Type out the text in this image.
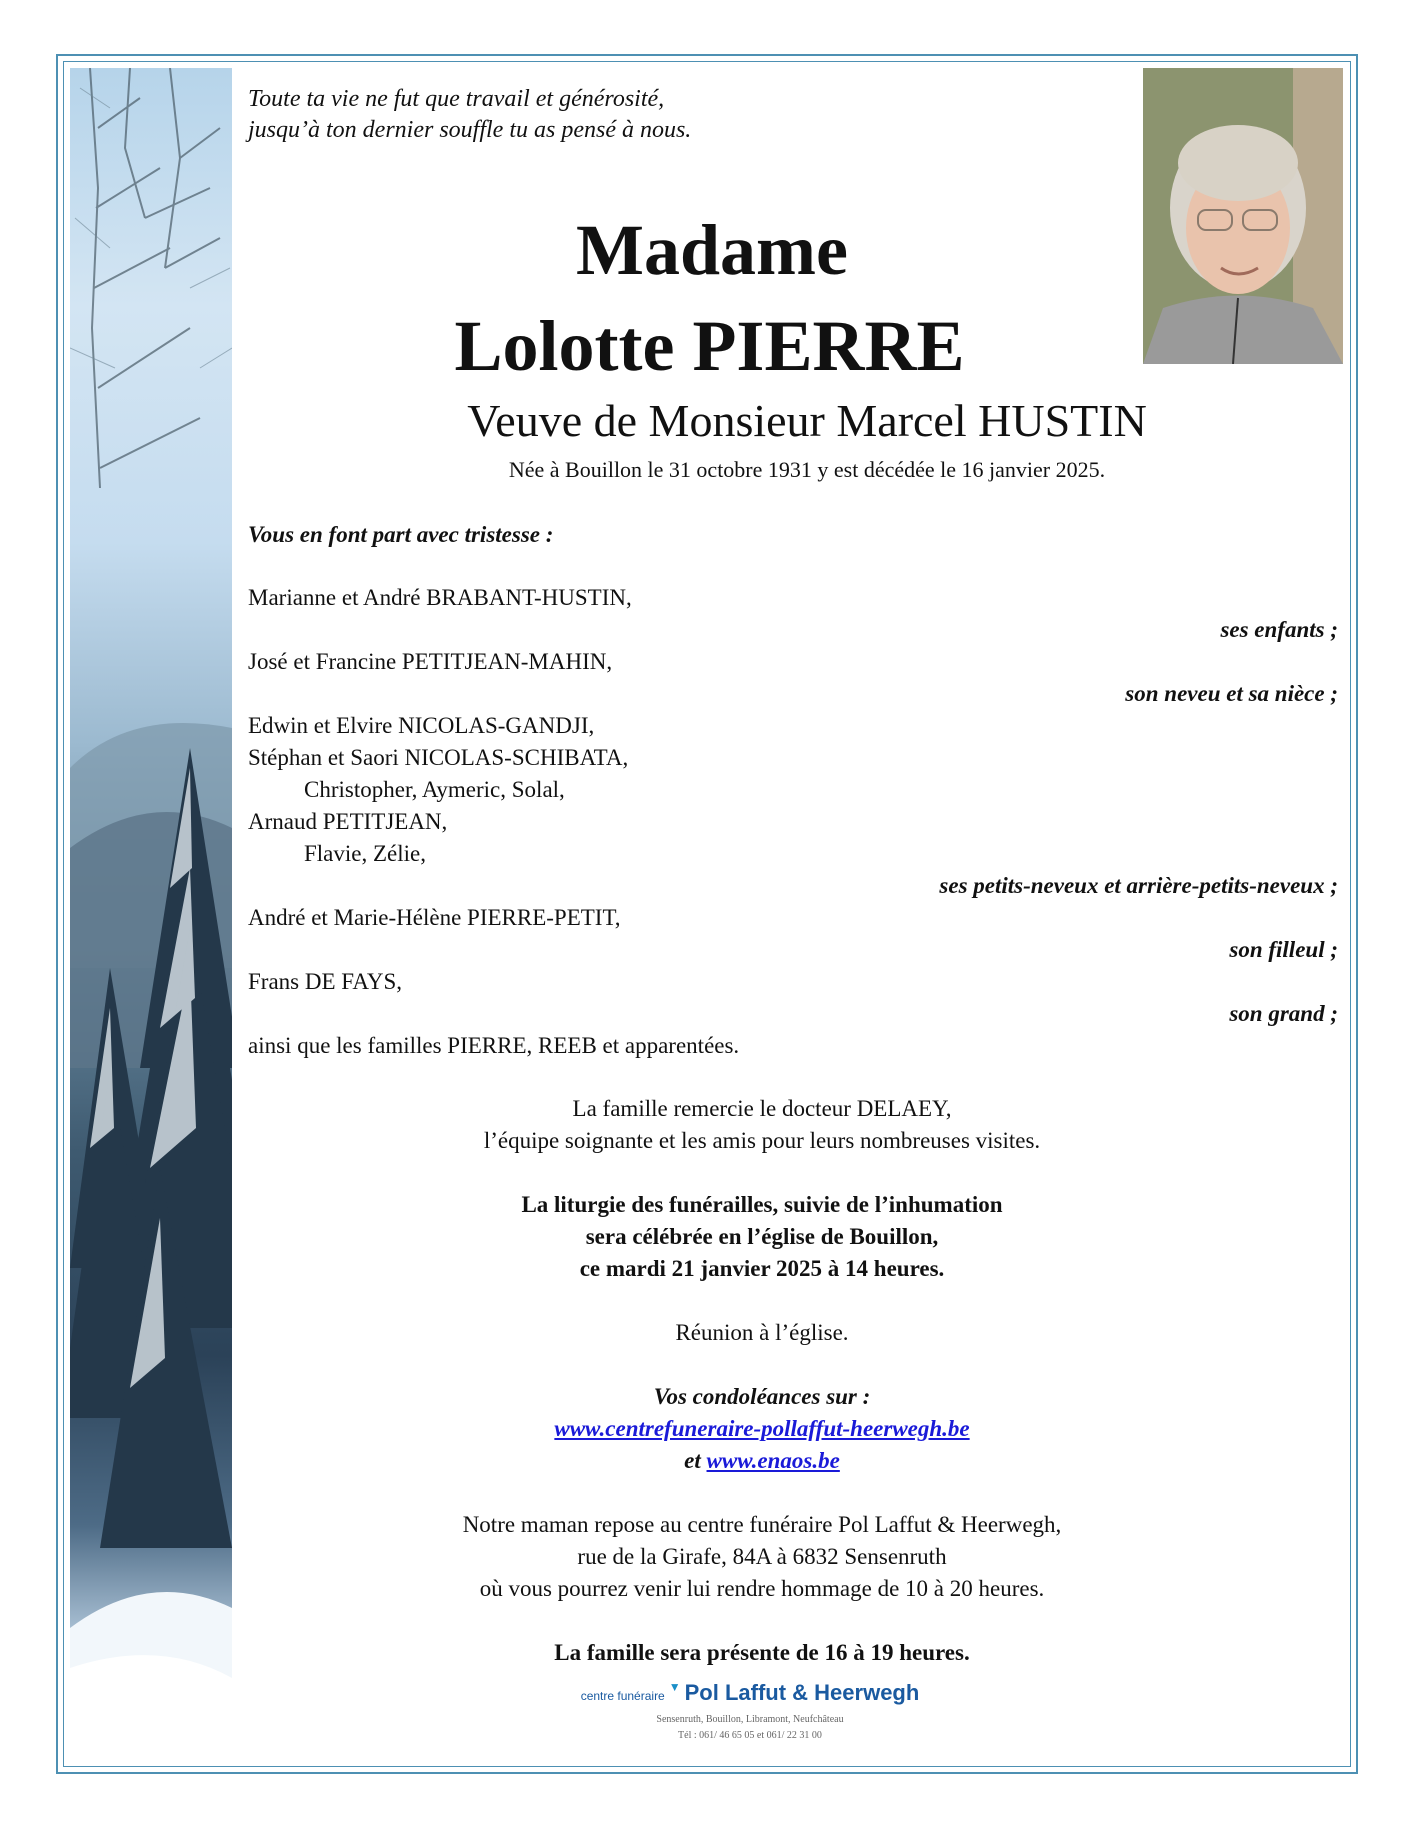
Toute ta vie ne fut que travail et générosité,
jusqu’à ton dernier souffle tu as pensé à nous.
Madame
Lolotte PIERRE
Veuve de Monsieur Marcel HUSTIN
Née à Bouillon le 31 octobre 1931 y est décédée le 16 janvier 2025.
Vous en font part avec tristesse :
Marianne et André BRABANT-HUSTIN,
ses enfants ;
José et Francine PETITJEAN-MAHIN,
son neveu et sa nièce ;
Edwin et Elvire NICOLAS-GANDJI,
Stéphan et Saori NICOLAS-SCHIBATA,
Christopher, Aymeric, Solal,
Arnaud PETITJEAN,
Flavie, Zélie,
ses petits-neveux et arrière-petits-neveux ;
André et Marie-Hélène PIERRE-PETIT,
son filleul ;
Frans DE FAYS,
son grand ;
ainsi que les familles PIERRE, REEB et apparentées.
La famille remercie le docteur DELAEY,
l’équipe soignante et les amis pour leurs nombreuses visites.
La liturgie des funérailles, suivie de l’inhumation
sera célébrée en l’église de Bouillon,
ce mardi 21 janvier 2025 à 14 heures.
Réunion à l’église.
Vos condoléances sur :
www.centrefuneraire-pollaffut-heerwegh.be
et www.enaos.be
Notre maman repose au centre funéraire Pol Laffut & Heerwegh,
rue de la Girafe, 84A à 6832 Sensenruth
où vous pourrez venir lui rendre hommage de 10 à 20 heures.
La famille sera présente de 16 à 19 heures.
centre funéraire ▼ Pol Laffut & Heerwegh
Sensenruth, Bouillon, Libramont, Neufchâteau
Tél : 061/ 46 65 05 et 061/ 22 31 00
